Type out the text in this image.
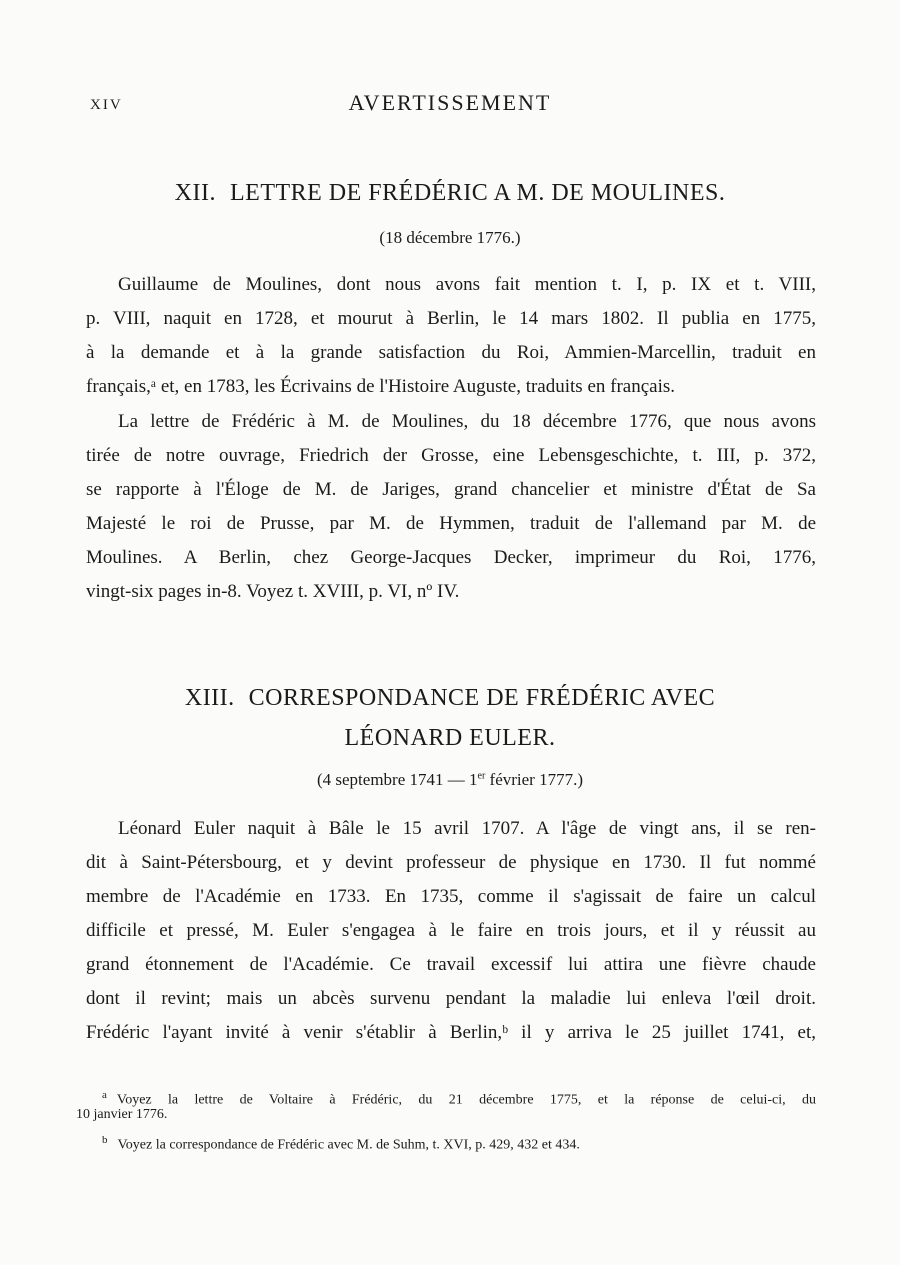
XIV	AVERTISSEMENT
XII. LETTRE DE FRÉDÉRIC A M. DE MOULINES.
(18 décembre 1776.)
Guillaume de Moulines, dont nous avons fait mention t. I, p. IX et t. VIII,
p. VIII, naquit en 1728, et mourut à Berlin, le 14 mars 1802. Il publia en 1775,
à la demande et à la grande satisfaction du Roi, Ammien-Marcellin, traduit en
français,ᵃ et, en 1783, les Écrivains de l'Histoire Auguste, traduits en français.
La lettre de Frédéric à M. de Moulines, du 18 décembre 1776, que nous avons
tirée de notre ouvrage, Friedrich der Grosse, eine Lebensgeschichte, t. III, p. 372,
se rapporte à l'Éloge de M. de Jariges, grand chancelier et ministre d'État de Sa
Majesté le roi de Prusse, par M. de Hymmen, traduit de l'allemand par M. de
Moulines. A Berlin, chez George-Jacques Decker, imprimeur du Roi, 1776,
vingt-six pages in-8. Voyez t. XVIII, p. VI, nº IV.
XIII. CORRESPONDANCE DE FRÉDÉRIC AVEC
LÉONARD EULER.
(4 septembre 1741 — 1er février 1777.)
Léonard Euler naquit à Bâle le 15 avril 1707. A l'âge de vingt ans, il se ren-
dit à Saint-Pétersbourg, et y devint professeur de physique en 1730. Il fut nommé
membre de l'Académie en 1733. En 1735, comme il s'agissait de faire un calcul
difficile et pressé, M. Euler s'engagea à le faire en trois jours, et il y réussit au
grand étonnement de l'Académie. Ce travail excessif lui attira une fièvre chaude
dont il revint; mais un abcès survenu pendant la maladie lui enleva l'œil droit.
Frédéric l'ayant invité à venir s'établir à Berlin,ᵇ il y arriva le 25 juillet 1741, et,
$^a$ Voyez la lettre de Voltaire à Frédéric, du 21 décembre 1775, et la réponse de celui-ci, du
10 janvier 1776.
$^b$ Voyez la correspondance de Frédéric avec M. de Suhm, t. XVI, p. 429, 432 et 434.
